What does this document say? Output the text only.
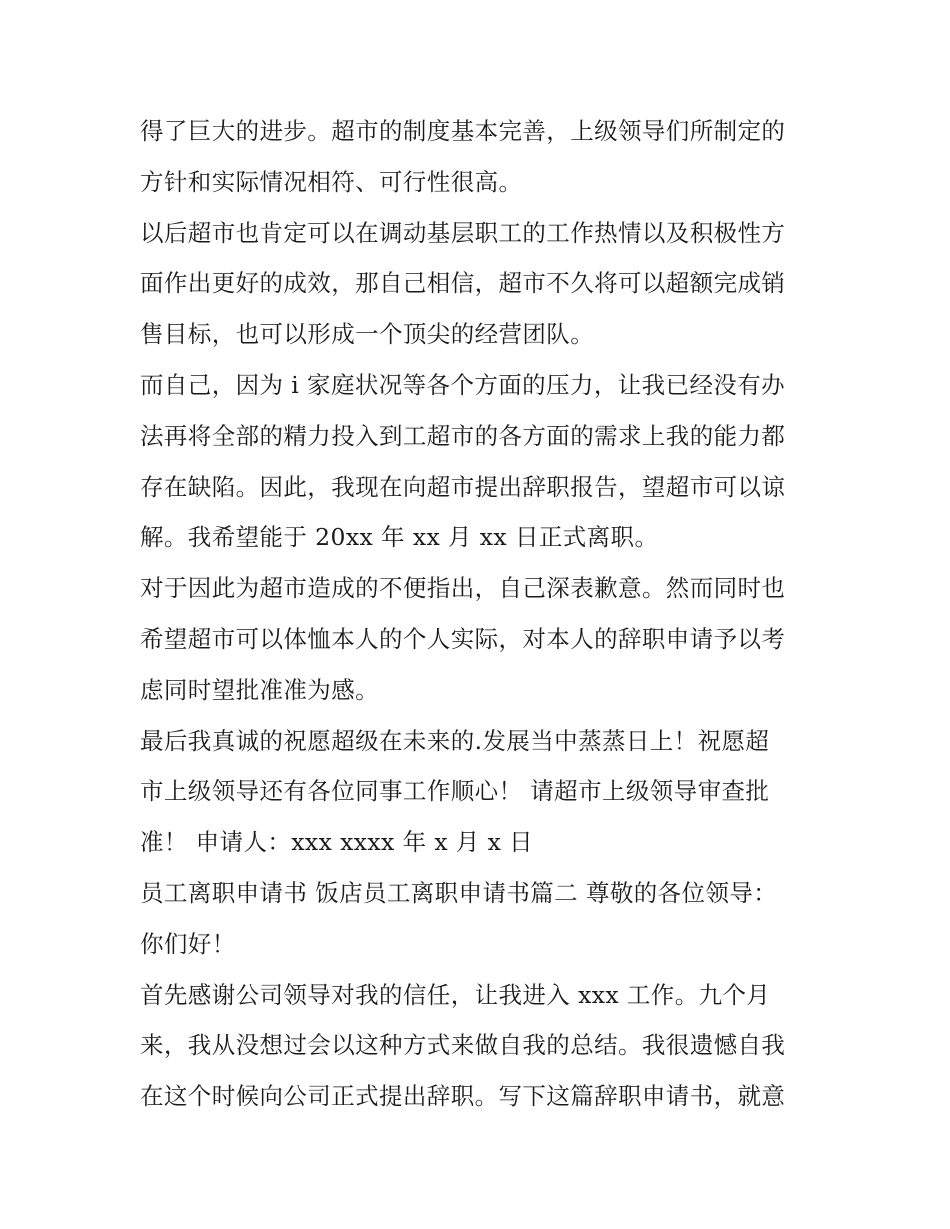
得了巨大的进步。超市的制度基本完善，上级领导们所制定的
方针和实际情况相符、可行性很高。
以后超市也肯定可以在调动基层职工的工作热情以及积极性方
面作出更好的成效，那自己相信，超市不久将可以超额完成销
售目标，也可以形成一个顶尖的经营团队。
而自己，因为 i 家庭状况等各个方面的压力，让我已经没有办
法再将全部的精力投入到工超市的各方面的需求上我的能力都
存在缺陷。因此，我现在向超市提出辞职报告，望超市可以谅
解。我希望能于 20xx 年 xx 月 xx 日正式离职。
对于因此为超市造成的不便指出，自己深表歉意。然而同时也
希望超市可以体恤本人的个人实际，对本人的辞职申请予以考
虑同时望批准准为感。
最后我真诚的祝愿超级在未来的.发展当中蒸蒸日上！祝愿超
市上级领导还有各位同事工作顺心！ 请超市上级领导审查批
准！ 申请人：xxx xxxx 年 x 月 x 日
员工离职申请书 饭店员工离职申请书篇二 尊敬的各位领导：
你们好！
首先感谢公司领导对我的信任，让我进入 xxx 工作。九个月
来，我从没想过会以这种方式来做自我的总结。我很遗憾自我
在这个时候向公司正式提出辞职。写下这篇辞职申请书，就意
